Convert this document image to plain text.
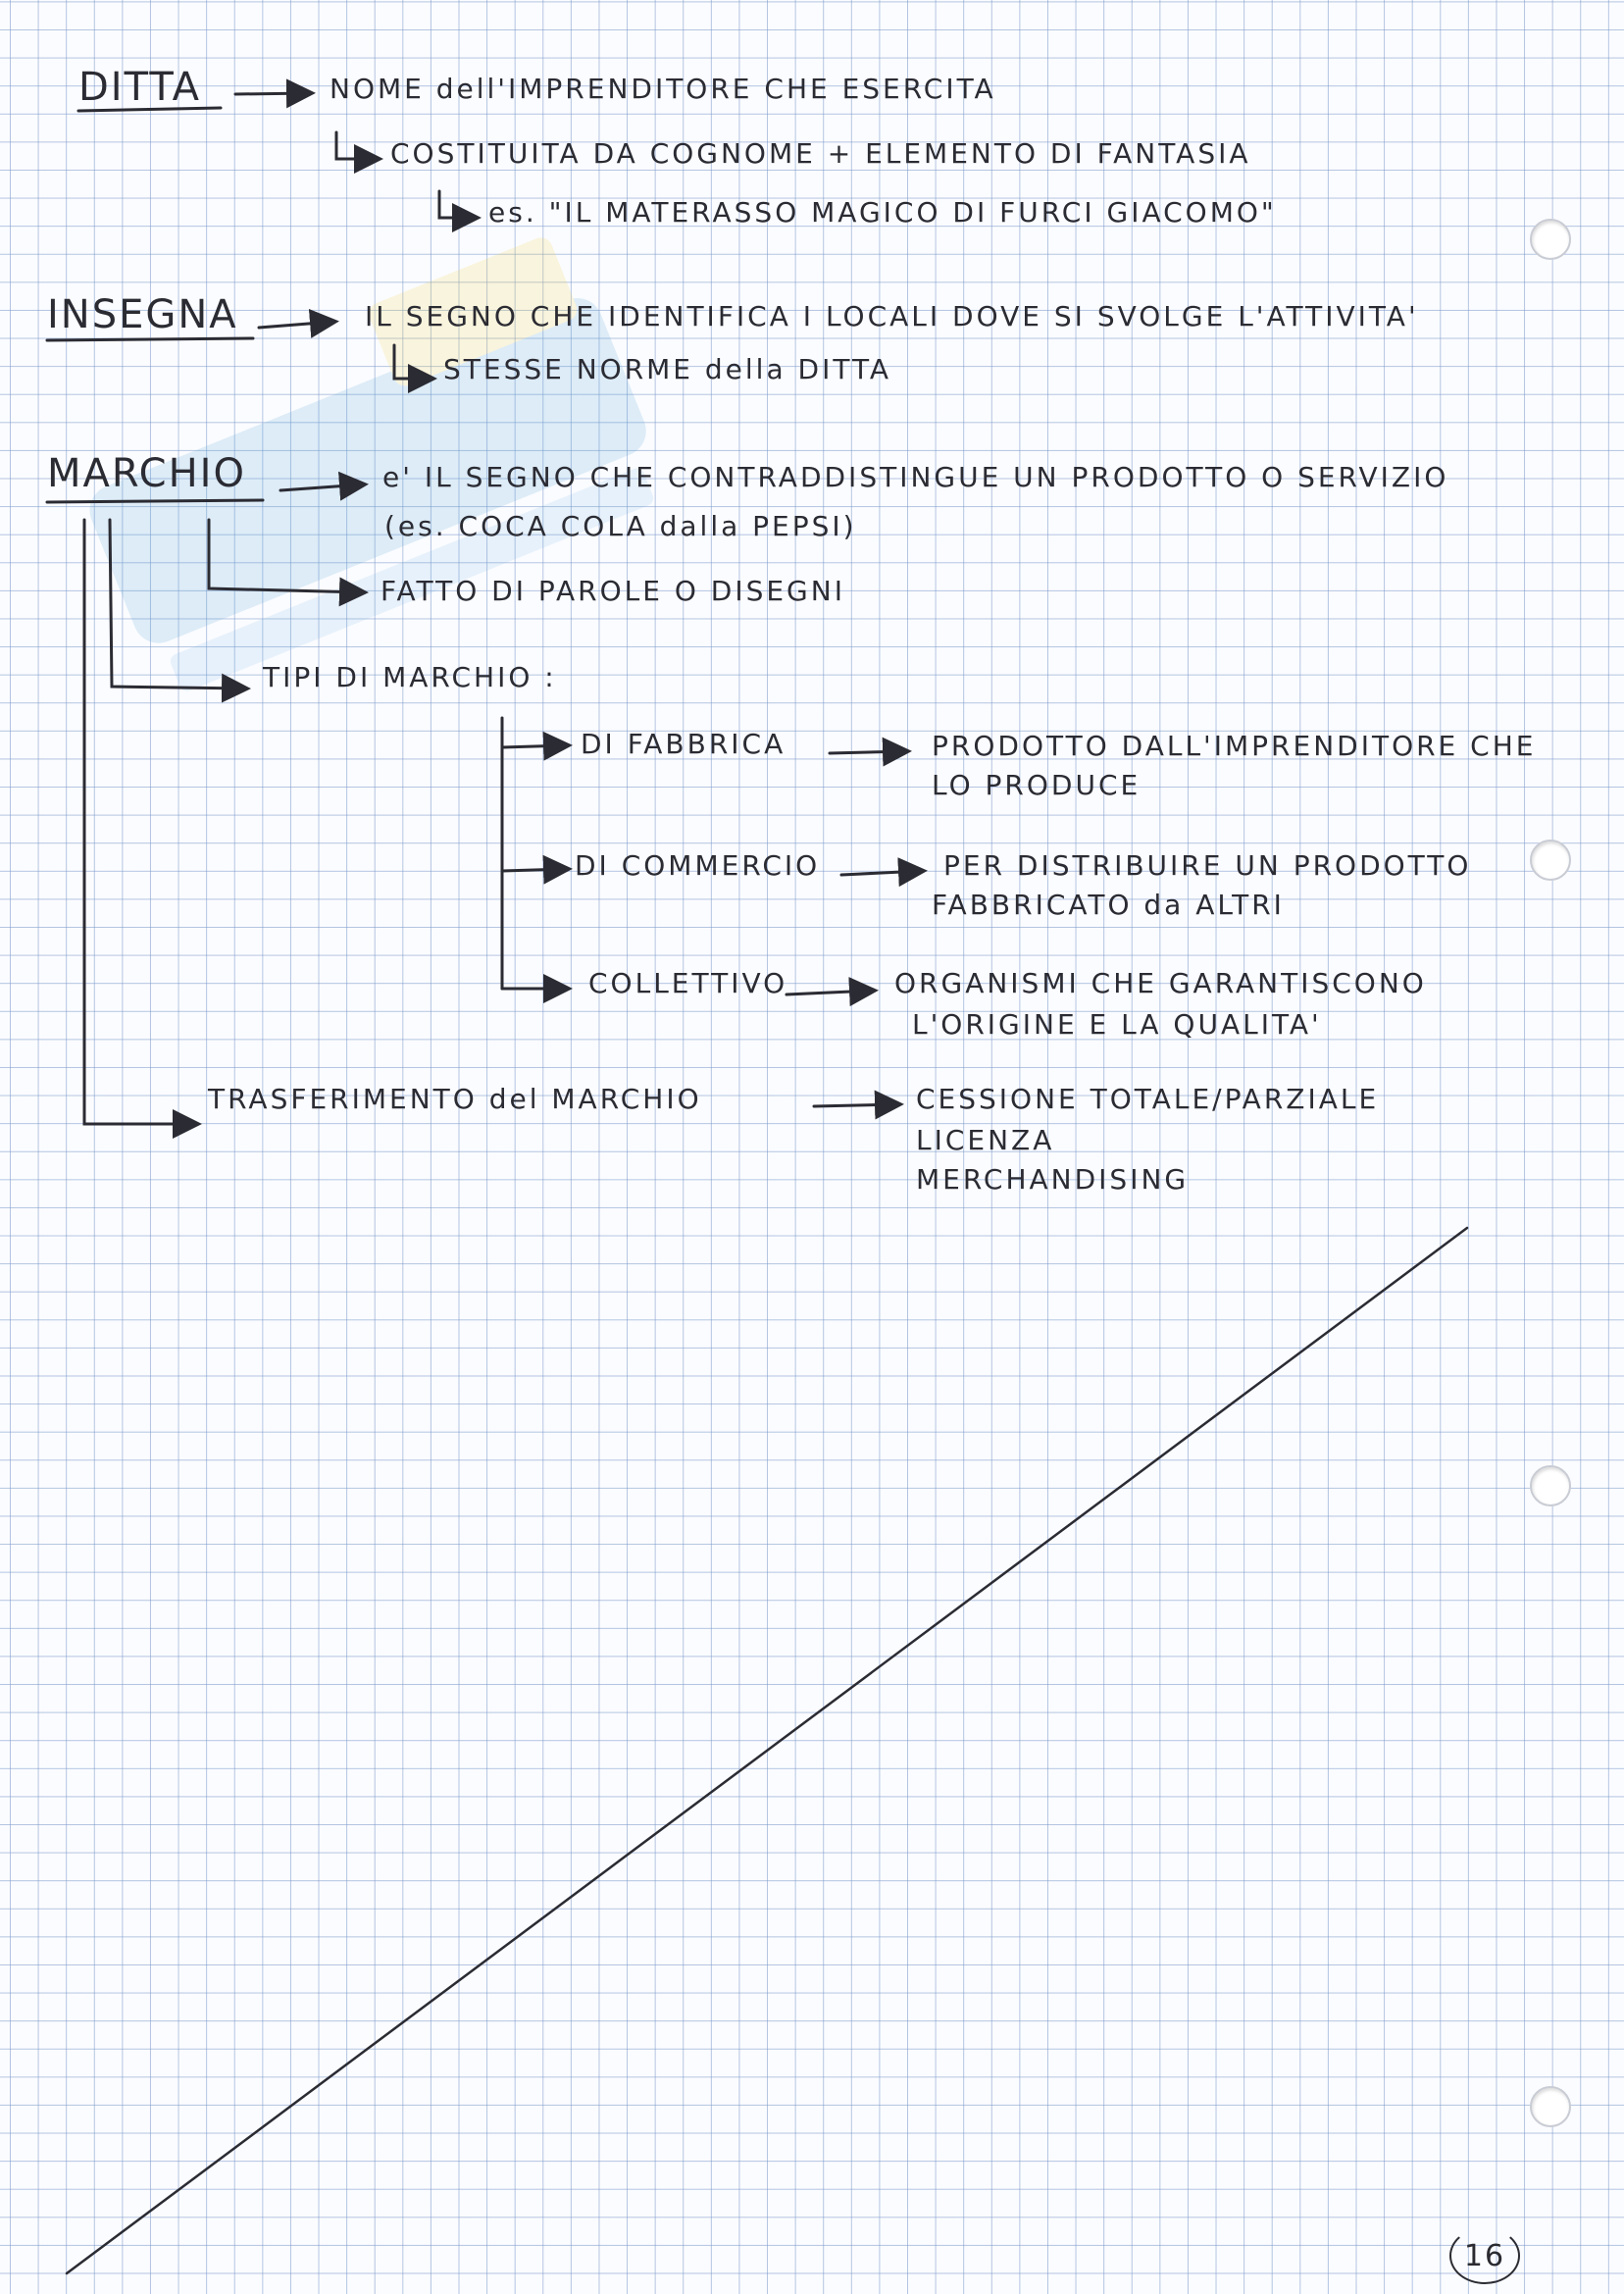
DITTA	NOME dell'IMPRENDITORE CHE ESERCITA
COSTITUITA DA COGNOME + ELEMENTO DI FANTASIA
es. "IL MATERASSO MAGICO DI FURCI GIACOMO"
INSEGNA	IL SEGNO CHE IDENTIFICA I LOCALI DOVE SI SVOLGE L'ATTIVITA'
STESSE NORME della DITTA
MARCHIO	e' IL SEGNO CHE CONTRADDISTINGUE UN PRODOTTO O SERVIZIO
(es. COCA COLA dalla PEPSI)
FATTO DI PAROLE O DISEGNI
TIPI DI MARCHIO :
DI FABBRICA	PRODOTTO DALL'IMPRENDITORE CHE
LO PRODUCE
DI COMMERCIO	PER DISTRIBUIRE UN PRODOTTO
FABBRICATO da ALTRI
COLLETTIVO	ORGANISMI CHE GARANTISCONO
L'ORIGINE E LA QUALITA'
TRASFERIMENTO del MARCHIO	CESSIONE TOTALE/PARZIALE
LICENZA
MERCHANDISING
16
